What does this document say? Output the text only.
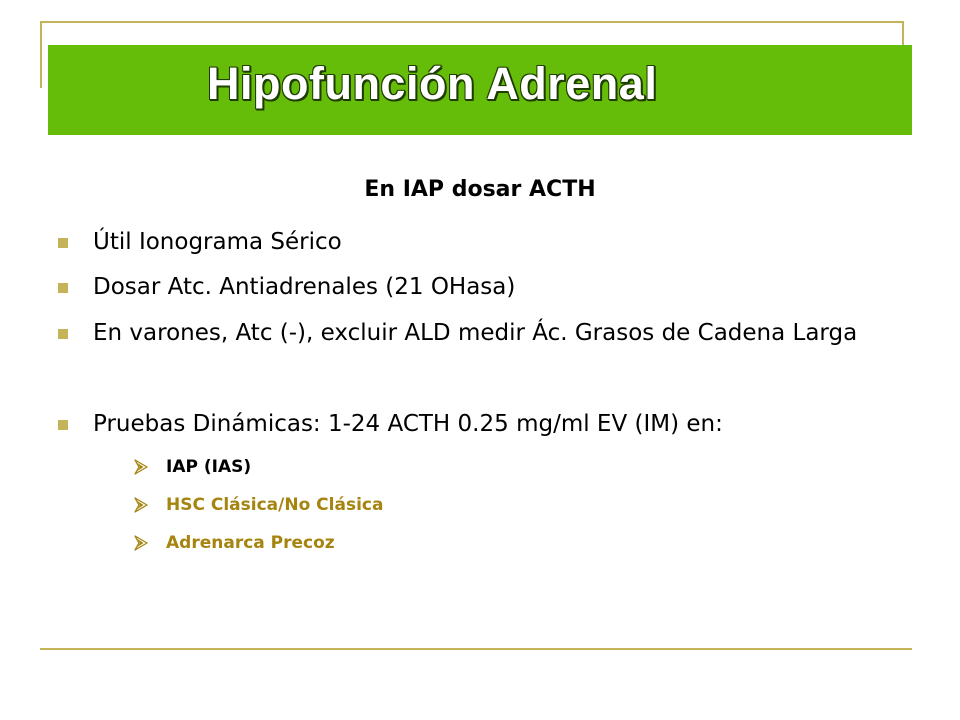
Hipofunción Adrenal

En IAP dosar ACTH

Útil Ionograma Sérico

Dosar Atc. Antiadrenales (21 OHasa)

En varones, Atc (-), excluir ALD medir Ác. Grasos de Cadena Larga

Pruebas Dinámicas: 1-24 ACTH 0.25 mg/ml EV (IM) en:

IAP (IAS)

HSC Clásica/No Clásica

Adrenarca Precoz
